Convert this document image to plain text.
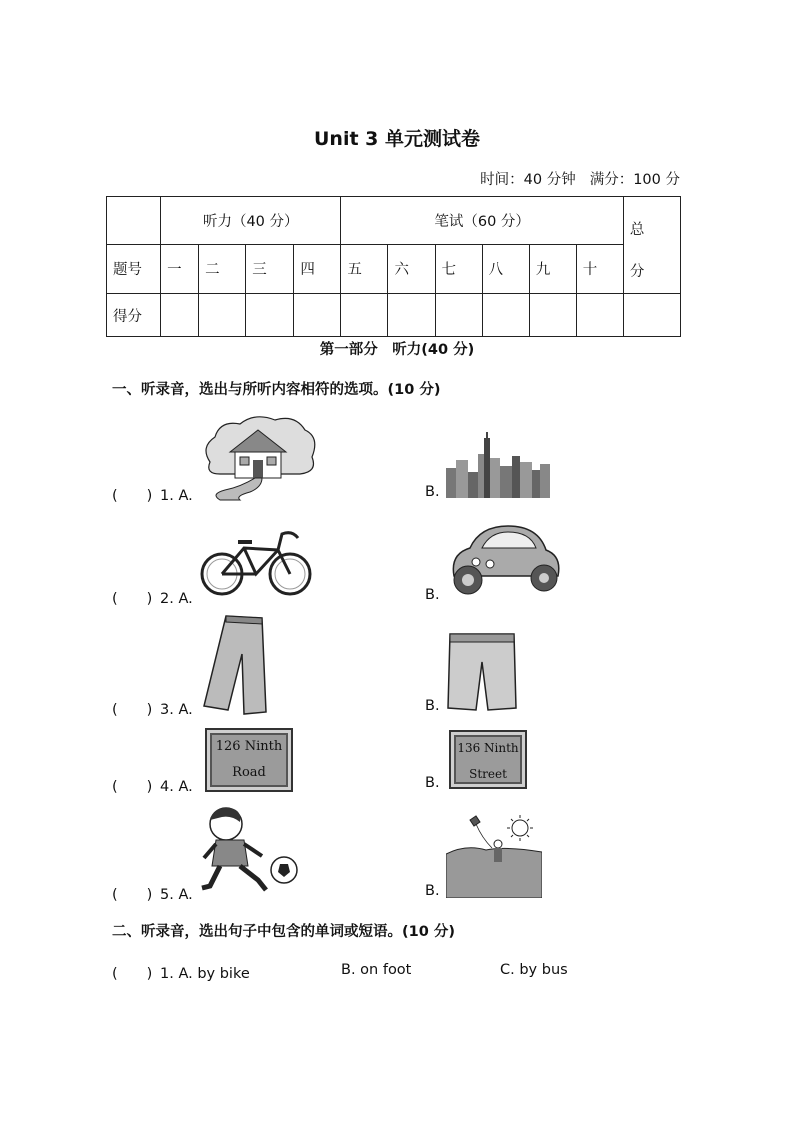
Unit 3 单元测试卷
时间：40 分钟 满分：100 分
	听力（40 分）				笔试（60 分）						总
分
题号	一	二	三	四	五	六	七	八	九	十	
得分											
第一部分　听力(40 分)
一、听录音，选出与所听内容相符的选项。(10 分)
(　　) 1. A.	B.
(　　) 2. A.	B.
(　　) 3. A.	B.
(　　) 4. A.
126 Ninth
Road
B.
136 Ninth
Street
(　　) 5. A.	B.
二、听录音，选出句子中包含的单词或短语。(10 分)
(　　) 1. A. by bike	B. on foot	C. by bus
